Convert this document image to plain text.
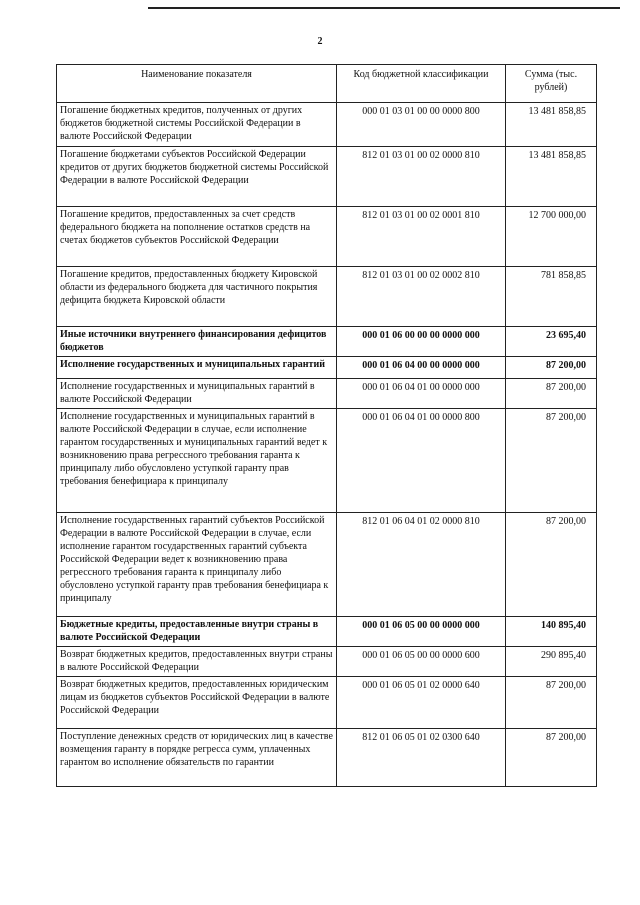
2
Наименование показателя	Код бюджетной классификации	Сумма (тыс. рублей)
Погашение бюджетных кредитов, полученных от других бюджетов бюджетной системы Российской Федерации в валюте Российской Федерации	000 01 03 01 00 00 0000 800	13 481 858,85
Погашение бюджетами субъектов Российской Федерации кредитов от других бюджетов бюджетной системы Российской Федерации в валюте Российской Федерации	812 01 03 01 00 02 0000 810	13 481 858,85
Погашение кредитов, предоставленных за счет средств федерального бюджета на пополнение остатков средств на счетах бюджетов субъектов Российской Федерации	812 01 03 01 00 02 0001 810	12 700 000,00
Погашение кредитов, предоставленных бюджету Кировской области из федерального бюджета для частичного покрытия дефицита бюджета Кировской области	812 01 03 01 00 02 0002 810	781 858,85
Иные источники внутреннего финансирования дефицитов бюджетов	000 01 06 00 00 00 0000 000	23 695,40
Исполнение государственных и муниципальных гарантий	000 01 06 04 00 00 0000 000	87 200,00
Исполнение государственных и муниципальных гарантий в валюте Российской Федерации	000 01 06 04 01 00 0000 000	87 200,00
Исполнение государственных и муниципальных гарантий в валюте Российской Федерации в случае, если исполнение гарантом государственных и муниципальных гарантий ведет к возникновению права регрессного требования гаранта к принципалу либо обусловлено уступкой гаранту прав требования бенефициара к принципалу	000 01 06 04 01 00 0000 800	87 200,00
Исполнение государственных гарантий субъектов Российской Федерации в валюте Российской Федерации в случае, если исполнение гарантом государственных гарантий субъекта Российской Федерации ведет к возникновению права регрессного требования гаранта к принципалу либо обусловлено уступкой гаранту прав требования бенефициара к принципалу	812 01 06 04 01 02 0000 810	87 200,00
Бюджетные кредиты, предоставленные внутри страны в валюте Российской Федерации	000 01 06 05 00 00 0000 000	140 895,40
Возврат бюджетных кредитов, предоставленных внутри страны в валюте Российской Федерации	000 01 06 05 00 00 0000 600	290 895,40
Возврат бюджетных кредитов, предоставленных юридическим лицам из бюджетов субъектов Российской Федерации в валюте Российской Федерации	000 01 06 05 01 02 0000 640	87 200,00
Поступление денежных средств от юридических лиц в качестве возмещения гаранту в порядке регресса сумм, уплаченных гарантом во исполнение обязательств по гарантии	812 01 06 05 01 02 0300 640	87 200,00
